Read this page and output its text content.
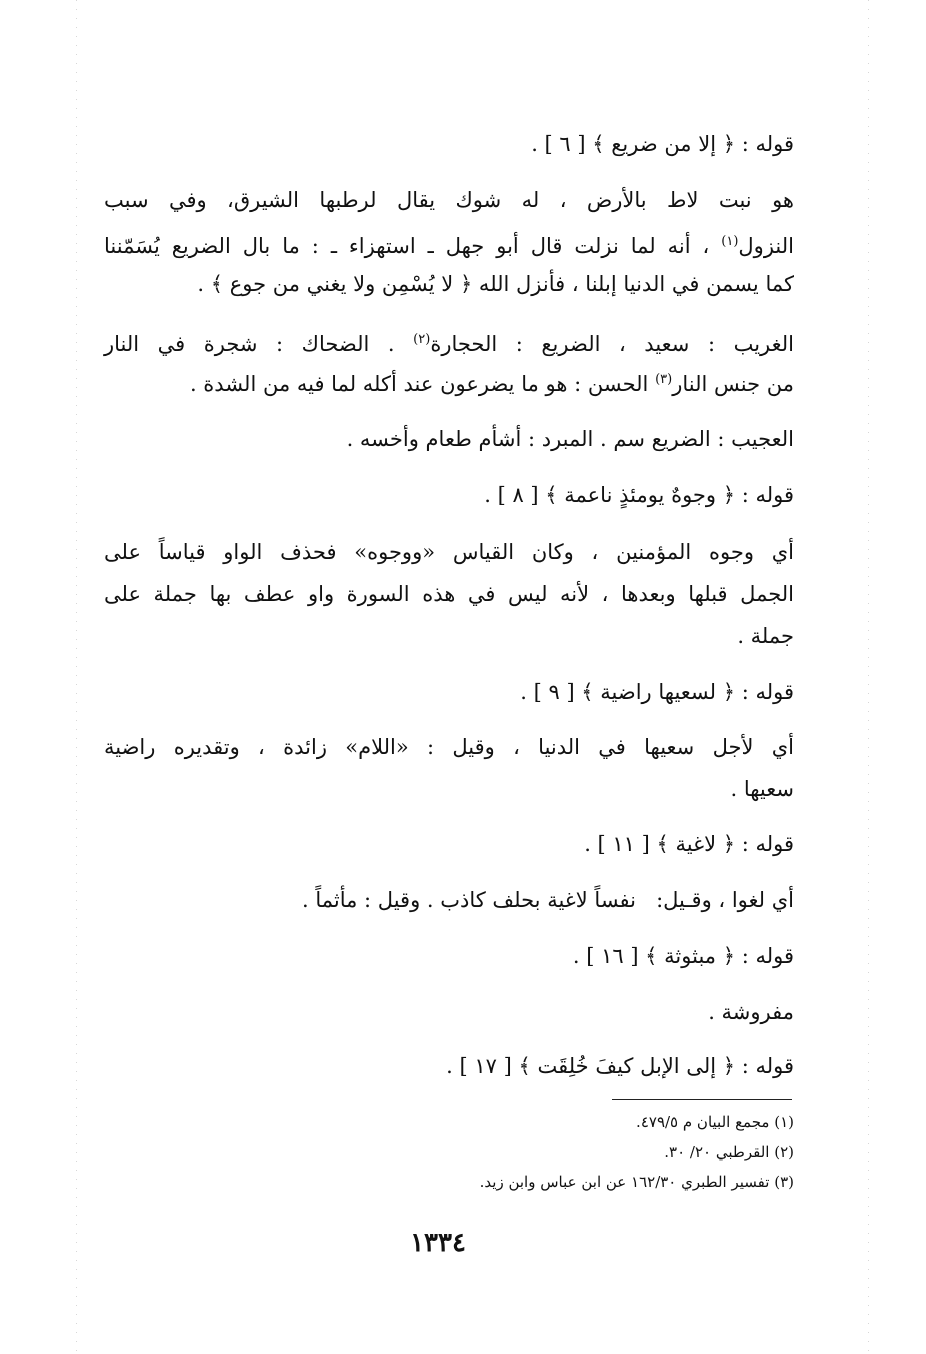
قوله : ﴿ إلا من ضريع ﴾ [ ٦ ] .
هو نبت لاط بالأرض ، له شوك يقال لرطبها الشيرق، وفي سبب
النزول$^{(١)}$ ، أنه لما نزلت قال أبو جهل ـ استهزاء ـ : ما بال الضريع يُسَمّننا
كما يسمن في الدنيا إبلنا ، فأنزل الله ﴿ لا يُسْمِن ولا يغني من جوع ﴾ .
الغريب : سعيد ، الضريع : الحجارة$^{(٢)}$ . الضحاك : شجرة في النار
من جنس النار$^{(٣)}$ الحسن : هو ما يضرعون عند أكله لما فيه من الشدة .
العجيب : الضريع سم . المبرد : أشأم طعام وأخسه .
قوله : ﴿ وجوهٌ يومئذٍ ناعمة ﴾ [ ٨ ] .
أي وجوه المؤمنين ، وكان القياس «ووجوه» فحذف الواو قياساً على
الجمل قبلها وبعدها ، لأنه ليس في هذه السورة واو عطف بها جملة على
جملة .
قوله : ﴿ لسعيها راضية ﴾ [ ٩ ] .
أي لأجل سعيها في الدنيا ، وقيل : «اللام» زائدة ، وتقديره راضية
سعيها .
قوله : ﴿ لاغية ﴾ [ ١١ ] .
أي لغوا ، وقـيل:   نفساً لاغية بحلف كاذب . وقيل : مأثماً .
قوله : ﴿ مبثوثة ﴾ [ ١٦ ] .
مفروشة .
قوله : ﴿ إلى الإبل كيفَ خُلِقَت ﴾ [ ١٧ ] .
(١) مجمع البيان م ٤٧٩/٥.
(٢) القرطبي ٢٠/ ٣٠.
(٣) تفسير الطبري ١٦٢/٣٠ عن ابن عباس وابن زيد.
١٣٣٤
